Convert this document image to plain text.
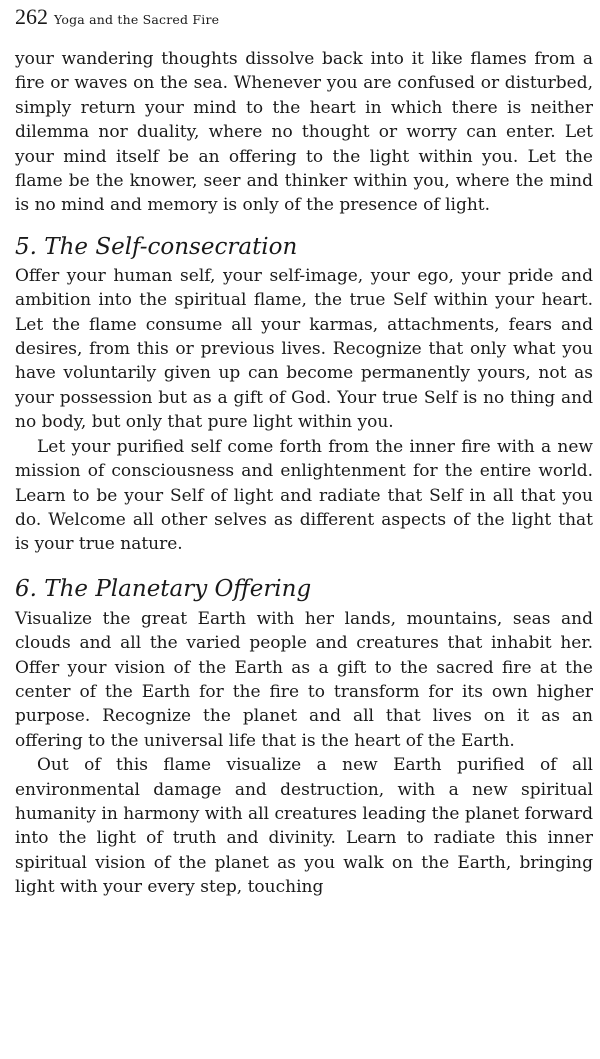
262 Yoga and the Sacred Fire

your wandering thoughts dissolve back into it like flames from a fire or waves on the sea. Whenever you are confused or disturbed, simply return your mind to the heart in which there is neither dilemma nor duality, where no thought or worry can enter. Let your mind itself be an offering to the light within you. Let the flame be the knower, seer and thinker within you, where the mind is no mind and memory is only of the presence of light.

5. The Self-consecration

Offer your human self, your self-image, your ego, your pride and ambition into the spiritual flame, the true Self within your heart. Let the flame consume all your karmas, attachments, fears and desires, from this or previous lives. Recognize that only what you have voluntarily given up can become permanently yours, not as your possession but as a gift of God. Your true Self is no thing and no body, but only that pure light within you.

Let your purified self come forth from the inner fire with a new mission of consciousness and enlightenment for the entire world. Learn to be your Self of light and radiate that Self in all that you do. Welcome all other selves as different aspects of the light that is your true nature.

6. The Planetary Offering

Visualize the great Earth with her lands, mountains, seas and clouds and all the varied people and creatures that inhabit her. Offer your vision of the Earth as a gift to the sacred fire at the center of the Earth for the fire to transform for its own higher purpose. Recognize the planet and all that lives on it as an offering to the universal life that is the heart of the Earth.

Out of this flame visualize a new Earth purified of all environmental damage and destruction, with a new spiritual humanity in harmony with all creatures leading the planet forward into the light of truth and divinity. Learn to radiate this inner spiritual vision of the planet as you walk on the Earth, bringing light with your every step, touching
